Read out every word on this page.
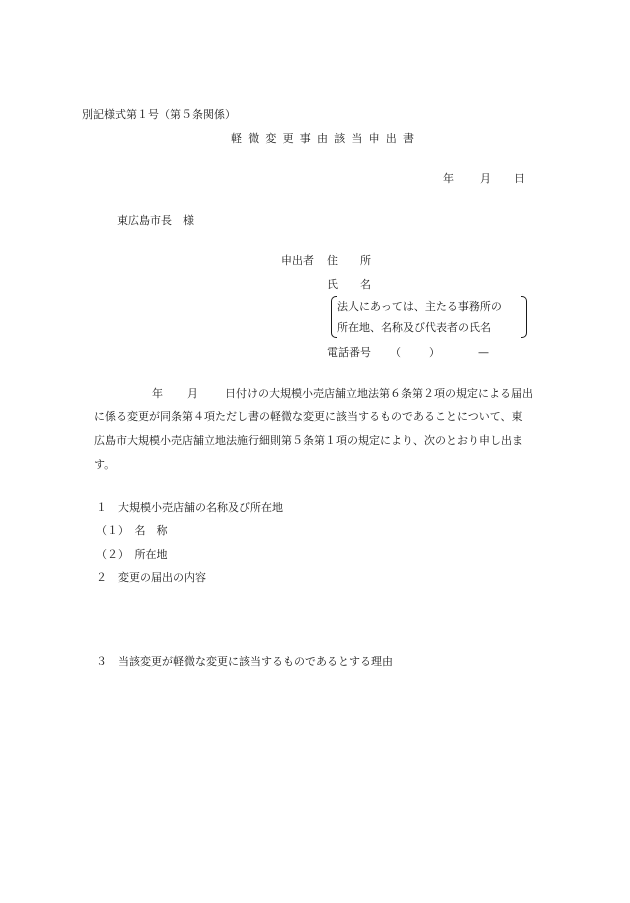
別記様式第１号（第５条関係）
軽微変更事由該当申出書
年 月 日
東広島市長　様
申出者 住　　所
氏　　名
法人にあっては、主たる事務所の
所在地、名称及び代表者の氏名
電話番号 （	）	—
年 月 日付けの大規模小売店舗立地法第６条第２項の規定による届出
に係る変更が同条第４項ただし書の軽微な変更に該当するものであることについて、東
広島市大規模小売店舗立地法施行細則第５条第１項の規定により、次のとおり申し出ま
す。
１　大規模小売店舗の名称及び所在地
（１）　名　称
（２）　所在地
２　変更の届出の内容
３　当該変更が軽微な変更に該当するものであるとする理由
